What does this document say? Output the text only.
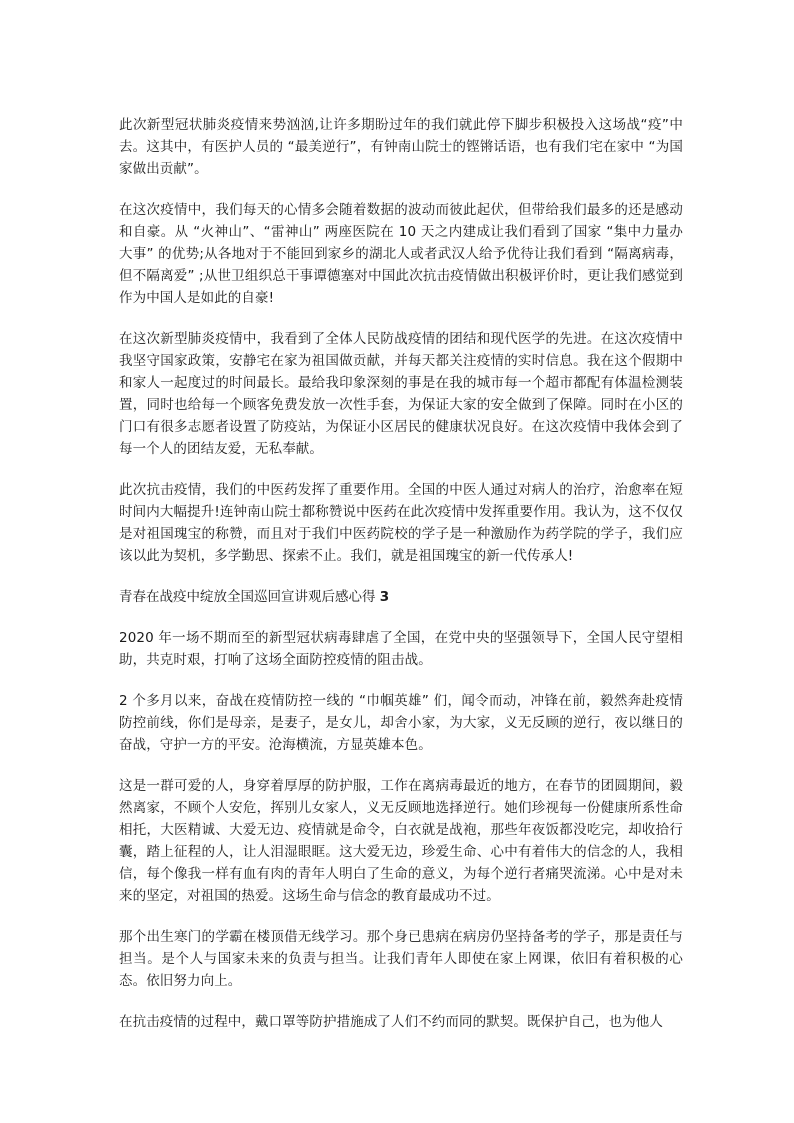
此次新型冠状肺炎疫情来势汹汹,让许多期盼过年的我们就此停下脚步积极投入这场战“疫”中去。这其中，有医护人员的 “最美逆行”，有钟南山院士的铿锵话语，也有我们宅在家中 “为国家做出贡献”。

在这次疫情中，我们每天的心情多会随着数据的波动而彼此起伏，但带给我们最多的还是感动和自豪。从 “火神山”、“雷神山” 两座医院在 10 天之内建成让我们看到了国家 “集中力量办大事” 的优势;从各地对于不能回到家乡的湖北人或者武汉人给予优待让我们看到 “隔离病毒，但不隔离爱” ;从世卫组织总干事谭德塞对中国此次抗击疫情做出积极评价时，更让我们感觉到作为中国人是如此的自豪!

在这次新型肺炎疫情中，我看到了全体人民防战疫情的团结和现代医学的先进。在这次疫情中我坚守国家政策，安静宅在家为祖国做贡献，并每天都关注疫情的实时信息。我在这个假期中和家人一起度过的时间最长。最给我印象深刻的事是在我的城市每一个超市都配有体温检测装置，同时也给每一个顾客免费发放一次性手套，为保证大家的安全做到了保障。同时在小区的门口有很多志愿者设置了防疫站，为保证小区居民的健康状况良好。在这次疫情中我体会到了每一个人的团结友爱，无私奉献。

此次抗击疫情，我们的中医药发挥了重要作用。全国的中医人通过对病人的治疗，治愈率在短时间内大幅提升!连钟南山院士都称赞说中医药在此次疫情中发挥重要作用。我认为，这不仅仅是对祖国瑰宝的称赞，而且对于我们中医药院校的学子是一种激励作为药学院的学子，我们应该以此为契机，多学勤思、探索不止。我们，就是祖国瑰宝的新一代传承人!

青春在战疫中绽放全国巡回宣讲观后感心得 3

2020 年一场不期而至的新型冠状病毒肆虐了全国，在党中央的坚强领导下，全国人民守望相助，共克时艰，打响了这场全面防控疫情的阻击战。

2 个多月以来，奋战在疫情防控一线的 “巾帼英雄” 们，闻令而动，冲锋在前，毅然奔赴疫情防控前线，你们是母亲，是妻子，是女儿，却舍小家，为大家，义无反顾的逆行，夜以继日的奋战，守护一方的平安。沧海横流，方显英雄本色。

这是一群可爱的人，身穿着厚厚的防护服，工作在离病毒最近的地方，在春节的团圆期间，毅然离家，不顾个人安危，挥别儿女家人，义无反顾地选择逆行。她们珍视每一份健康所系性命相托，大医精诚、大爱无边、疫情就是命令，白衣就是战袍，那些年夜饭都没吃完，却收拾行囊，踏上征程的人，让人泪湿眼眶。这大爱无边，珍爱生命、心中有着伟大的信念的人，我相信，每个像我一样有血有肉的青年人明白了生命的意义，为每个逆行者痛哭流涕。心中是对未来的坚定，对祖国的热爱。这场生命与信念的教育最成功不过。

那个出生寒门的学霸在楼顶借无线学习。那个身已患病在病房仍坚持备考的学子，那是责任与担当。是个人与国家未来的负责与担当。让我们青年人即使在家上网课，依旧有着积极的心态。依旧努力向上。

在抗击疫情的过程中，戴口罩等防护措施成了人们不约而同的默契。既保护自己，也为他人
